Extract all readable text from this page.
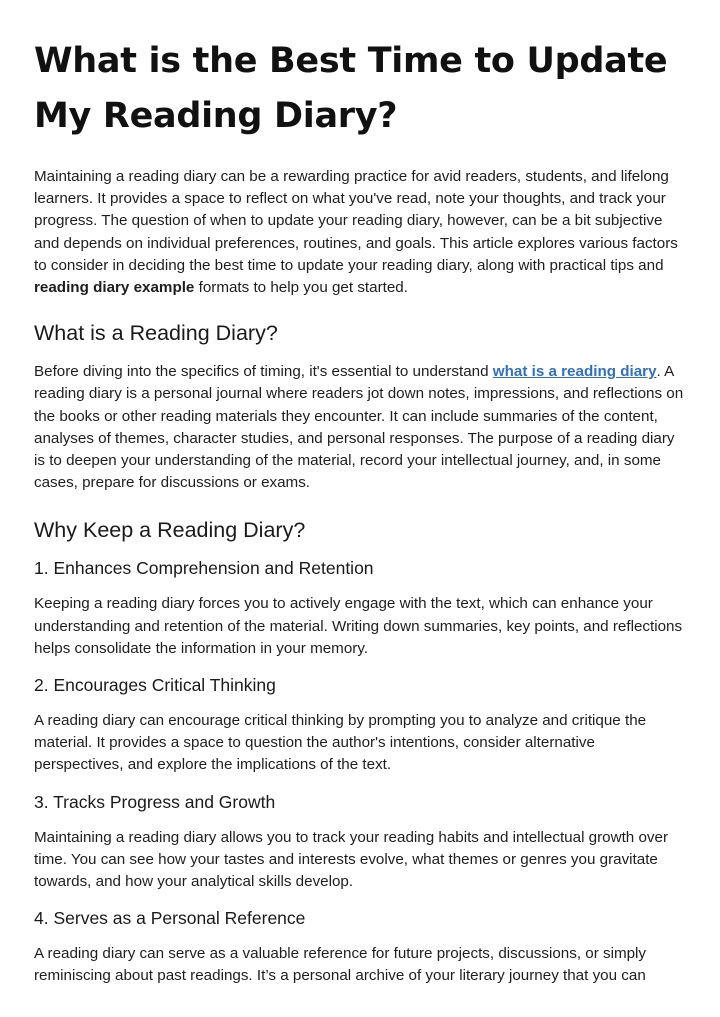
What is the Best Time to Update My Reading Diary?

Maintaining a reading diary can be a rewarding practice for avid readers, students, and lifelong learners. It provides a space to reflect on what you've read, note your thoughts, and track your progress. The question of when to update your reading diary, however, can be a bit subjective and depends on individual preferences, routines, and goals. This article explores various factors to consider in deciding the best time to update your reading diary, along with practical tips and reading diary example formats to help you get started.

What is a Reading Diary?

Before diving into the specifics of timing, it's essential to understand what is a reading diary. A reading diary is a personal journal where readers jot down notes, impressions, and reflections on the books or other reading materials they encounter. It can include summaries of the content, analyses of themes, character studies, and personal responses. The purpose of a reading diary is to deepen your understanding of the material, record your intellectual journey, and, in some cases, prepare for discussions or exams.

Why Keep a Reading Diary?
1. Enhances Comprehension and Retention

Keeping a reading diary forces you to actively engage with the text, which can enhance your understanding and retention of the material. Writing down summaries, key points, and reflections helps consolidate the information in your memory.

2. Encourages Critical Thinking

A reading diary can encourage critical thinking by prompting you to analyze and critique the material. It provides a space to question the author's intentions, consider alternative perspectives, and explore the implications of the text.

3. Tracks Progress and Growth

Maintaining a reading diary allows you to track your reading habits and intellectual growth over time. You can see how your tastes and interests evolve, what themes or genres you gravitate towards, and how your analytical skills develop.

4. Serves as a Personal Reference

A reading diary can serve as a valuable reference for future projects, discussions, or simply reminiscing about past readings. It’s a personal archive of your literary journey that you can
